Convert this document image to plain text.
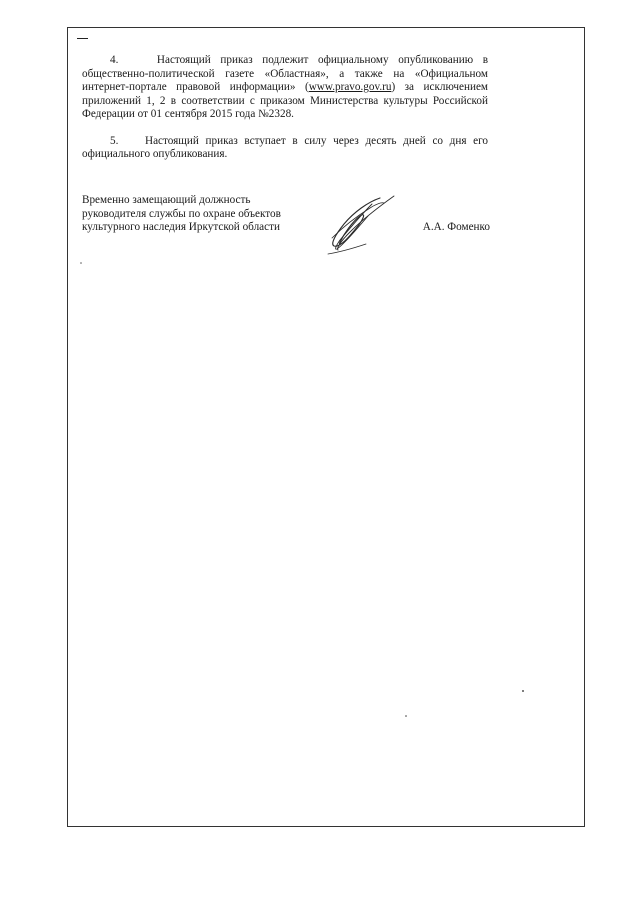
4.	Настоящий приказ подлежит официальному опубликованию в общественно-политической газете «Областная», а также на «Официальном интернет-портале правовой информации» (www.pravo.gov.ru) за исключением приложений 1, 2 в соответствии с приказом Министерства культуры Российской Федерации от 01 сентября 2015 года №2328.

5. Настоящий приказ вступает в силу через десять дней со дня его официального опубликования.

Временно замещающий должность
руководителя службы по охране объектов
культурного наследия Иркутской области	А.А. Фоменко
